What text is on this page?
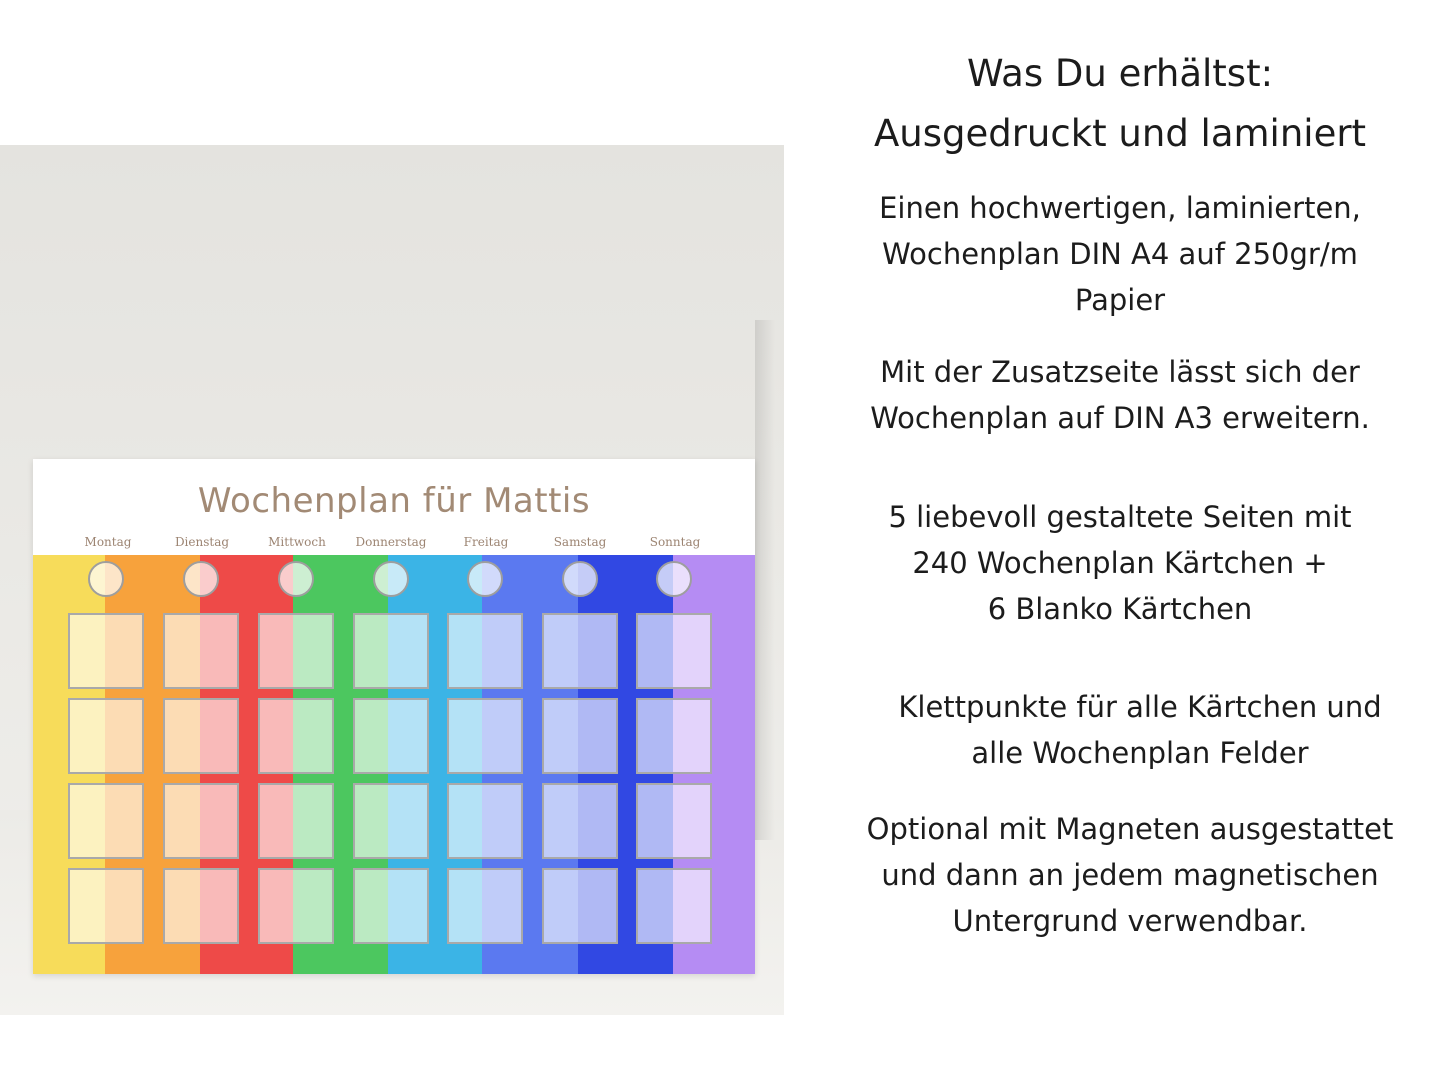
Wochenplan für Mattis
Montag	Dienstag	Mittwoch	Donnerstag	Freitag	Samstag	Sonntag
Was Du erhältst:
Ausgedruckt und laminiert
Einen hochwertigen, laminierten,
Wochenplan DIN A4 auf 250gr/m
Papier
Mit der Zusatzseite lässt sich der
Wochenplan auf DIN A3 erweitern.
5 liebevoll gestaltete Seiten mit
240 Wochenplan Kärtchen +
6 Blanko Kärtchen
Klettpunkte für alle Kärtchen und
alle Wochenplan Felder
Optional mit Magneten ausgestattet
und dann an jedem magnetischen
Untergrund verwendbar.
